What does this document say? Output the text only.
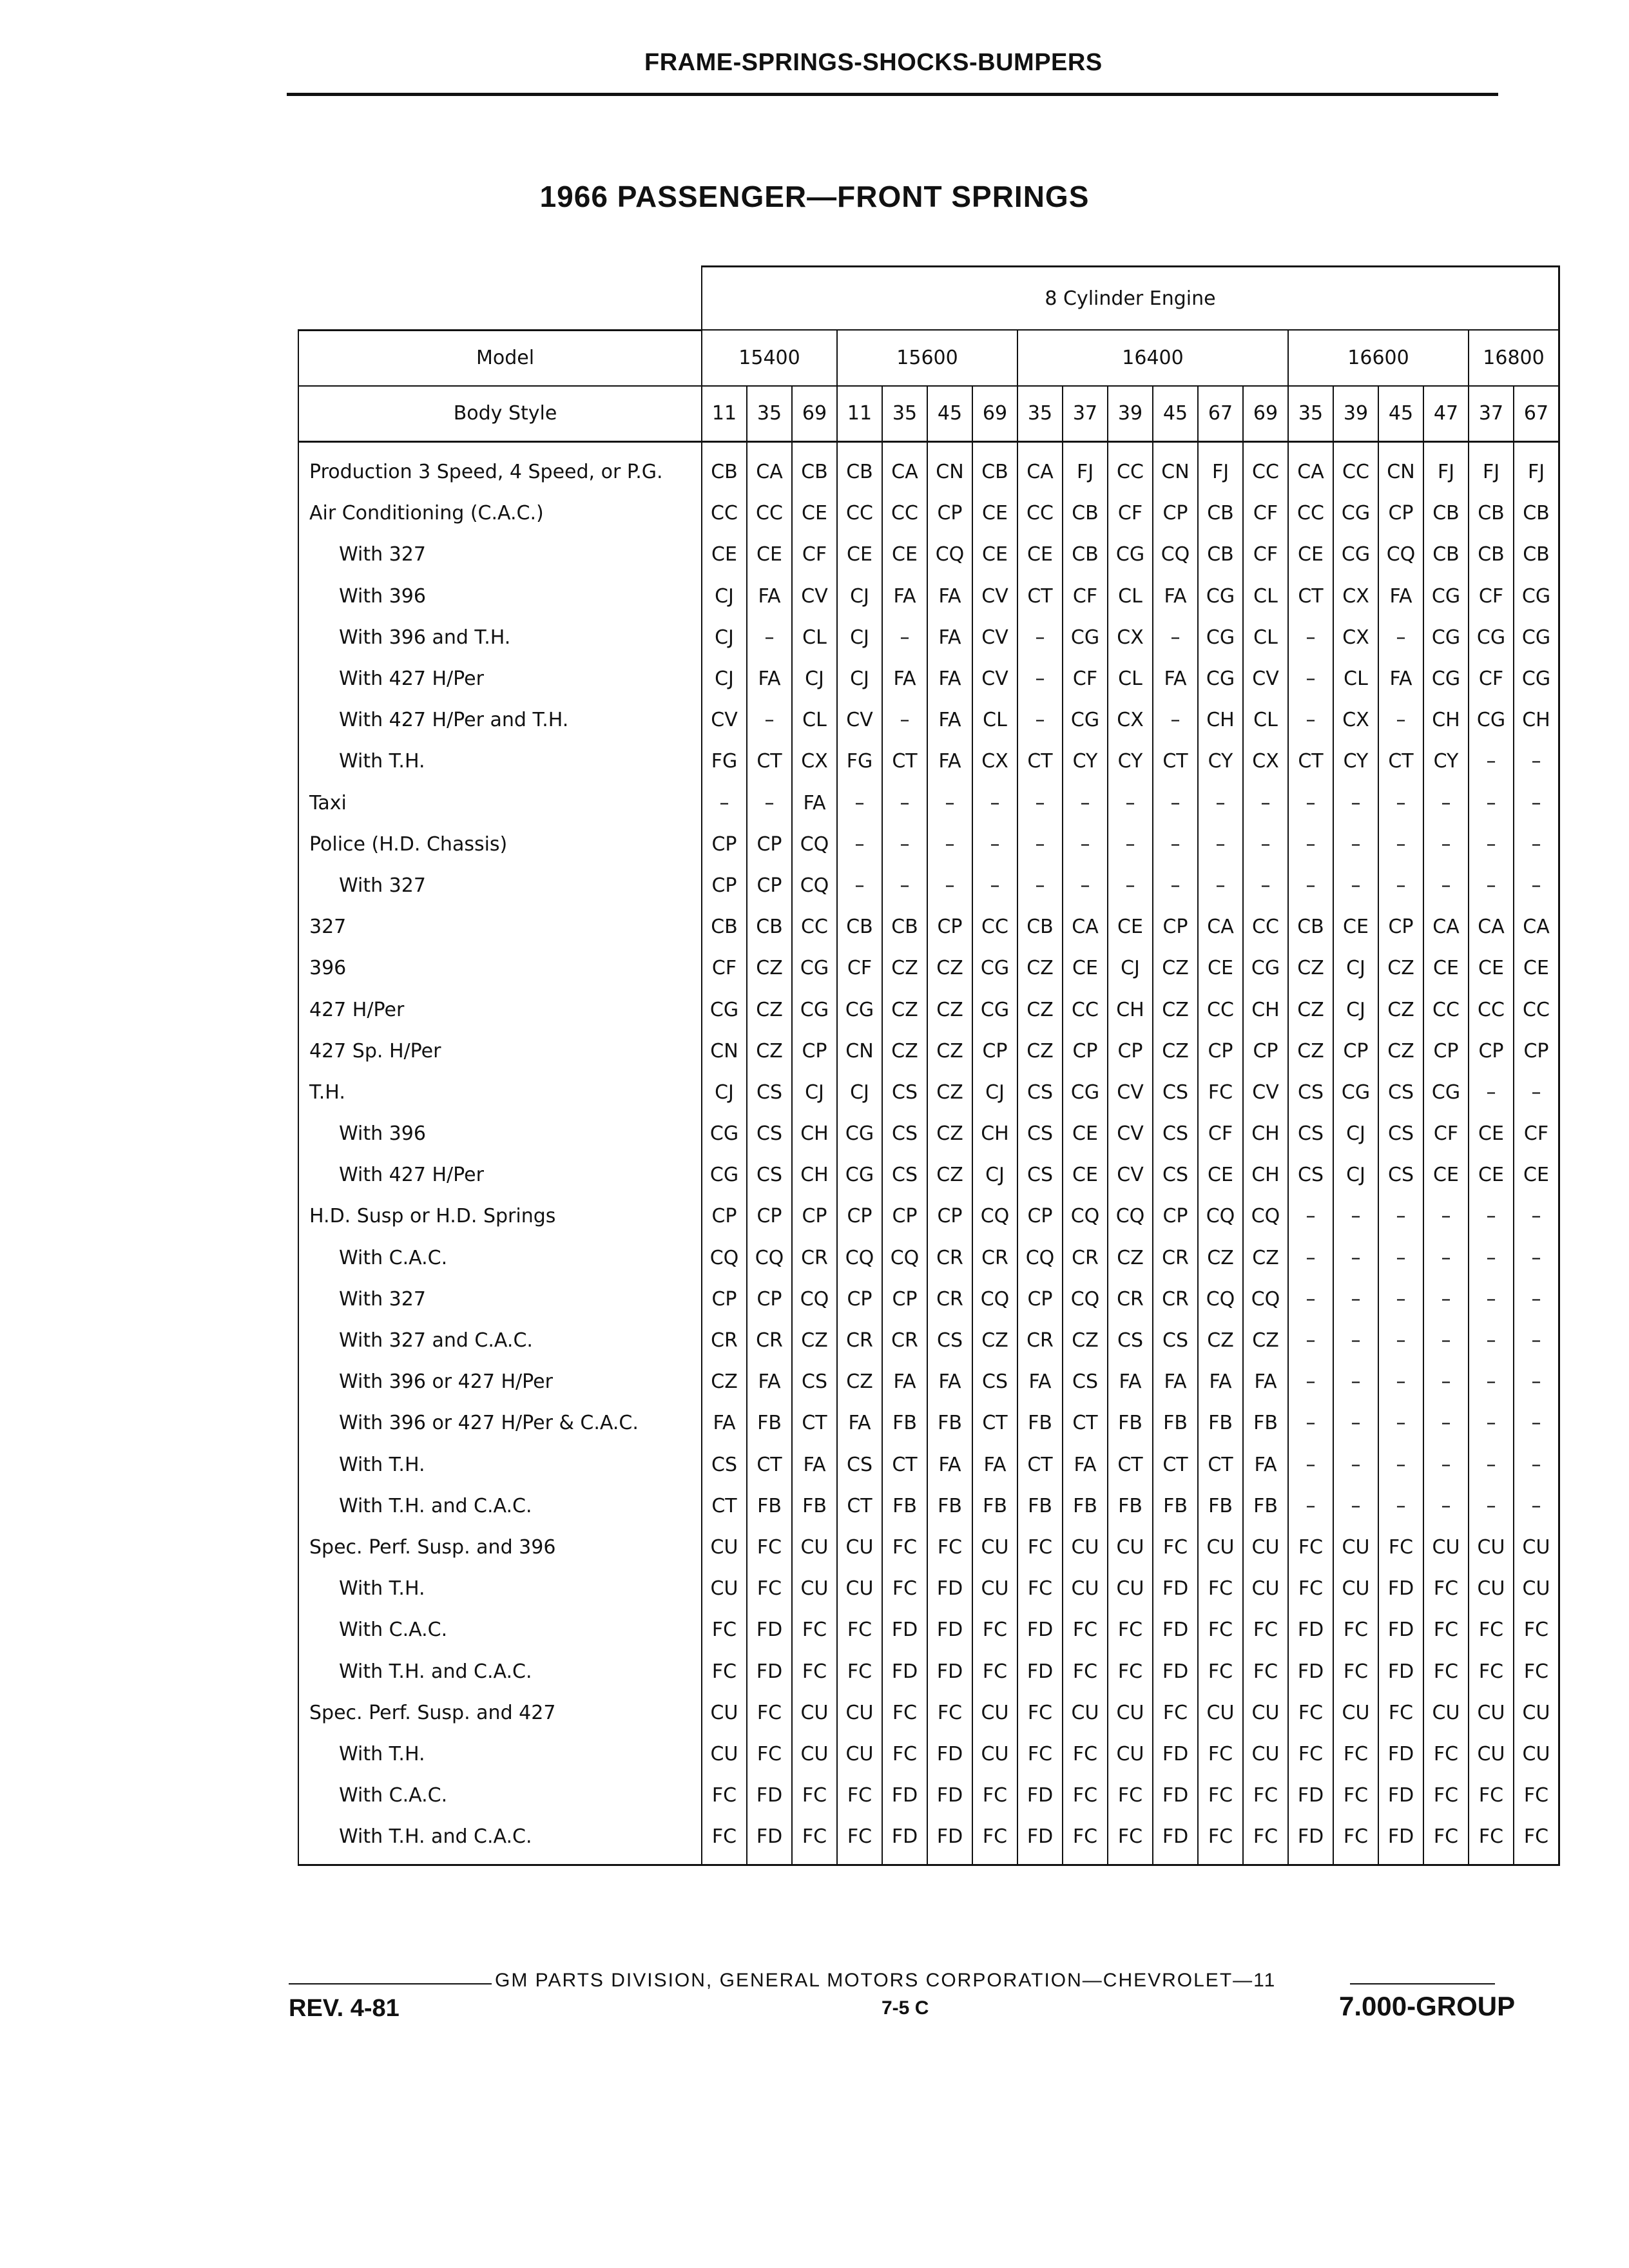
FRAME-SPRINGS-SHOCKS-BUMPERS
1966 PASSENGER—FRONT SPRINGS
	8 Cylinder Engine																		
Model	15400			15600				16400						16600				16800	
Body Style	11	35	69	11	35	45	69	35	37	39	45	67	69	35	39	45	47	37	67
Production 3 Speed, 4 Speed, or P.G.	CB	CA	CB	CB	CA	CN	CB	CA	FJ	CC	CN	FJ	CC	CA	CC	CN	FJ	FJ	FJ
Air Conditioning (C.A.C.)	CC	CC	CE	CC	CC	CP	CE	CC	CB	CF	CP	CB	CF	CC	CG	CP	CB	CB	CB
With 327	CE	CE	CF	CE	CE	CQ	CE	CE	CB	CG	CQ	CB	CF	CE	CG	CQ	CB	CB	CB
With 396	CJ	FA	CV	CJ	FA	FA	CV	CT	CF	CL	FA	CG	CL	CT	CX	FA	CG	CF	CG
With 396 and T.H.	CJ	–	CL	CJ	–	FA	CV	–	CG	CX	–	CG	CL	–	CX	–	CG	CG	CG
With 427 H/Per	CJ	FA	CJ	CJ	FA	FA	CV	–	CF	CL	FA	CG	CV	–	CL	FA	CG	CF	CG
With 427 H/Per and T.H.	CV	–	CL	CV	–	FA	CL	–	CG	CX	–	CH	CL	–	CX	–	CH	CG	CH
With T.H.	FG	CT	CX	FG	CT	FA	CX	CT	CY	CY	CT	CY	CX	CT	CY	CT	CY	–	–
Taxi	–	–	FA	–	–	–	–	–	–	–	–	–	–	–	–	–	–	–	–
Police (H.D. Chassis)	CP	CP	CQ	–	–	–	–	–	–	–	–	–	–	–	–	–	–	–	–
With 327	CP	CP	CQ	–	–	–	–	–	–	–	–	–	–	–	–	–	–	–	–
327	CB	CB	CC	CB	CB	CP	CC	CB	CA	CE	CP	CA	CC	CB	CE	CP	CA	CA	CA
396	CF	CZ	CG	CF	CZ	CZ	CG	CZ	CE	CJ	CZ	CE	CG	CZ	CJ	CZ	CE	CE	CE
427 H/Per	CG	CZ	CG	CG	CZ	CZ	CG	CZ	CC	CH	CZ	CC	CH	CZ	CJ	CZ	CC	CC	CC
427 Sp. H/Per	CN	CZ	CP	CN	CZ	CZ	CP	CZ	CP	CP	CZ	CP	CP	CZ	CP	CZ	CP	CP	CP
T.H.	CJ	CS	CJ	CJ	CS	CZ	CJ	CS	CG	CV	CS	FC	CV	CS	CG	CS	CG	–	–
With 396	CG	CS	CH	CG	CS	CZ	CH	CS	CE	CV	CS	CF	CH	CS	CJ	CS	CF	CE	CF
With 427 H/Per	CG	CS	CH	CG	CS	CZ	CJ	CS	CE	CV	CS	CE	CH	CS	CJ	CS	CE	CE	CE
H.D. Susp or H.D. Springs	CP	CP	CP	CP	CP	CP	CQ	CP	CQ	CQ	CP	CQ	CQ	–	–	–	–	–	–
With C.A.C.	CQ	CQ	CR	CQ	CQ	CR	CR	CQ	CR	CZ	CR	CZ	CZ	–	–	–	–	–	–
With 327	CP	CP	CQ	CP	CP	CR	CQ	CP	CQ	CR	CR	CQ	CQ	–	–	–	–	–	–
With 327 and C.A.C.	CR	CR	CZ	CR	CR	CS	CZ	CR	CZ	CS	CS	CZ	CZ	–	–	–	–	–	–
With 396 or 427 H/Per	CZ	FA	CS	CZ	FA	FA	CS	FA	CS	FA	FA	FA	FA	–	–	–	–	–	–
With 396 or 427 H/Per & C.A.C.	FA	FB	CT	FA	FB	FB	CT	FB	CT	FB	FB	FB	FB	–	–	–	–	–	–
With T.H.	CS	CT	FA	CS	CT	FA	FA	CT	FA	CT	CT	CT	FA	–	–	–	–	–	–
With T.H. and C.A.C.	CT	FB	FB	CT	FB	FB	FB	FB	FB	FB	FB	FB	FB	–	–	–	–	–	–
Spec. Perf. Susp. and 396	CU	FC	CU	CU	FC	FC	CU	FC	CU	CU	FC	CU	CU	FC	CU	FC	CU	CU	CU
With T.H.	CU	FC	CU	CU	FC	FD	CU	FC	CU	CU	FD	FC	CU	FC	CU	FD	FC	CU	CU
With C.A.C.	FC	FD	FC	FC	FD	FD	FC	FD	FC	FC	FD	FC	FC	FD	FC	FD	FC	FC	FC
With T.H. and C.A.C.	FC	FD	FC	FC	FD	FD	FC	FD	FC	FC	FD	FC	FC	FD	FC	FD	FC	FC	FC
Spec. Perf. Susp. and 427	CU	FC	CU	CU	FC	FC	CU	FC	CU	CU	FC	CU	CU	FC	CU	FC	CU	CU	CU
With T.H.	CU	FC	CU	CU	FC	FD	CU	FC	FC	CU	FD	FC	CU	FC	FC	FD	FC	CU	CU
With C.A.C.	FC	FD	FC	FC	FD	FD	FC	FD	FC	FC	FD	FC	FC	FD	FC	FD	FC	FC	FC
With T.H. and C.A.C.	FC	FD	FC	FC	FD	FD	FC	FD	FC	FC	FD	FC	FC	FD	FC	FD	FC	FC	FC
GM PARTS DIVISION, GENERAL MOTORS CORPORATION—CHEVROLET—11
REV. 4-81	7-5 C	7.000-GROUP
